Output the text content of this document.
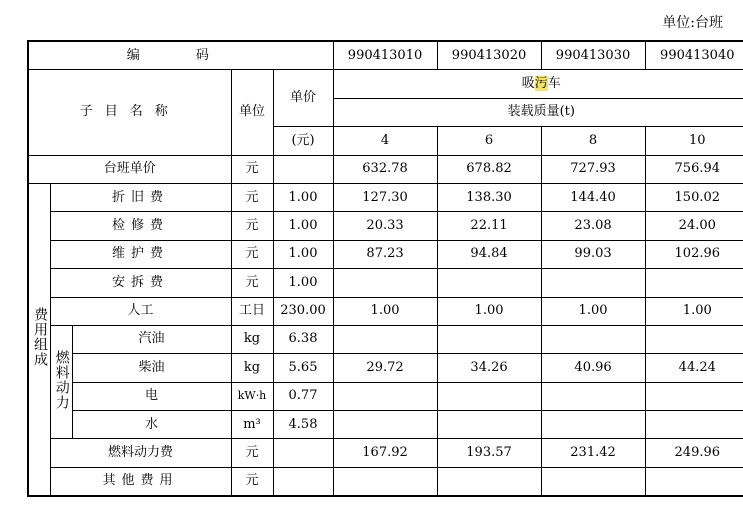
单位:台班
编 码					990413010	990413020	990413030	990413040
子目名称			单位	单价	吸污车			
					装载质量(t)			
				(元)	4	6	8	10
台班单价			元		632.78	678.82	727.93	756.94
费用组成	折旧费		元	1.00	127.30	138.30	144.40	150.02
	检修费		元	1.00	20.33	22.11	23.08	24.00
	维护费		元	1.00	87.23	94.84	99.03	102.96
	安拆费		元	1.00				
	人工		工日	230.00	1.00	1.00	1.00	1.00
	燃料动力	汽油	kg	6.38				
		柴油	kg	5.65	29.72	34.26	40.96	44.24
		电	kW·h	0.77				
		水	m³	4.58				
	燃料动力费		元		167.92	193.57	231.42	249.96
	其他费用		元					
